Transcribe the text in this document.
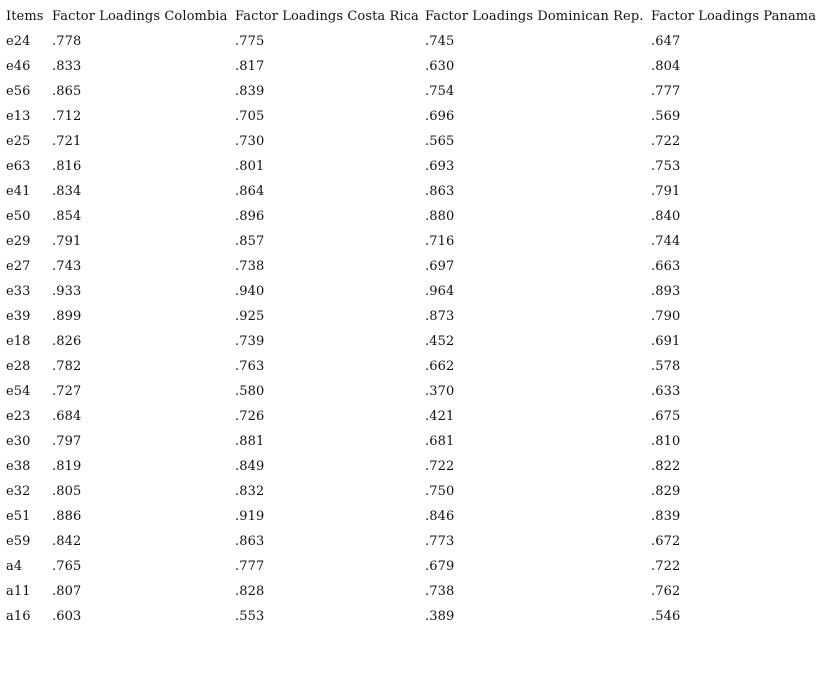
Items	Factor Loadings Colombia	Factor Loadings Costa Rica	Factor Loadings Dominican Rep.	Factor Loadings Panama
e24	.778	.775	.745	.647
e46	.833	.817	.630	.804
e56	.865	.839	.754	.777
e13	.712	.705	.696	.569
e25	.721	.730	.565	.722
e63	.816	.801	.693	.753
e41	.834	.864	.863	.791
e50	.854	.896	.880	.840
e29	.791	.857	.716	.744
e27	.743	.738	.697	.663
e33	.933	.940	.964	.893
e39	.899	.925	.873	.790
e18	.826	.739	.452	.691
e28	.782	.763	.662	.578
e54	.727	.580	.370	.633
e23	.684	.726	.421	.675
e30	.797	.881	.681	.810
e38	.819	.849	.722	.822
e32	.805	.832	.750	.829
e51	.886	.919	.846	.839
e59	.842	.863	.773	.672
a4	.765	.777	.679	.722
a11	.807	.828	.738	.762
a16	.603	.553	.389	.546
